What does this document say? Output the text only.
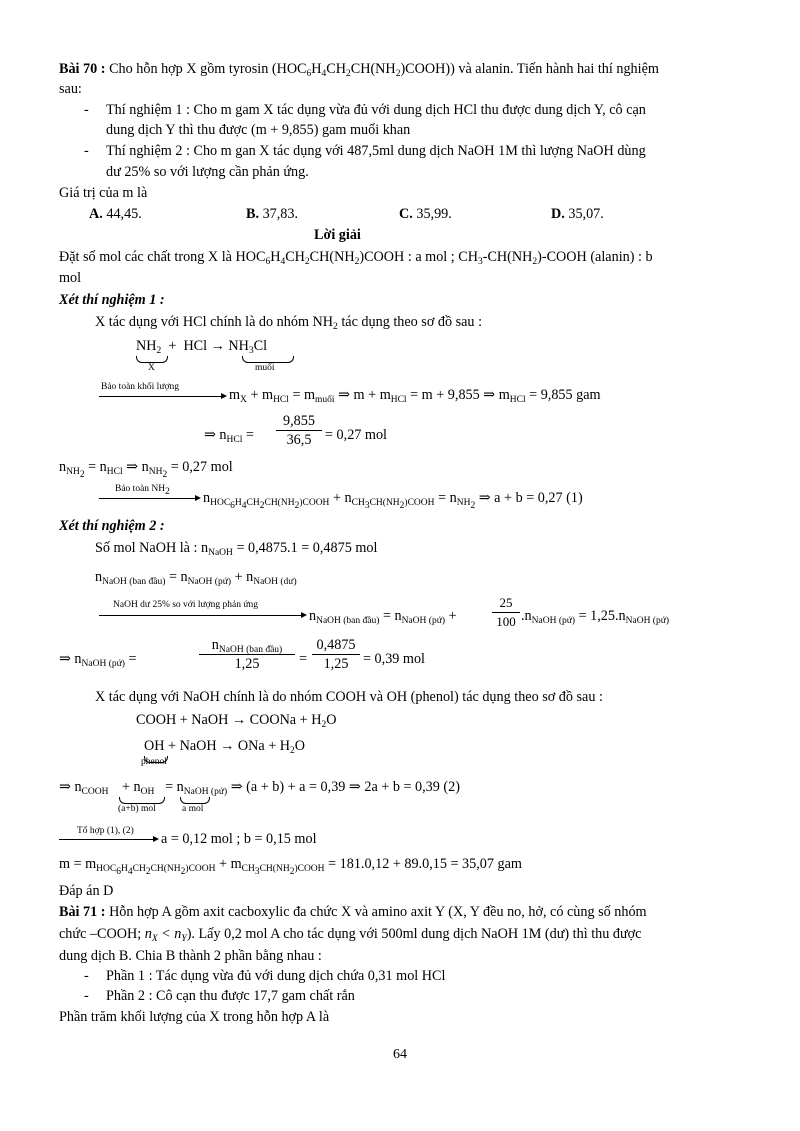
Bài 70 : Cho hỗn hợp X gồm tyrosin $(HOC_6H_4CH_2CH(NH_2)COOH)$) và alanin. Tiến hành hai thí nghiệm
sau:
- Thí nghiệm 1 : Cho m gam X tác dụng vừa đủ với dung dịch HCl thu được dung dịch Y, cô cạn
dung dịch Y thì thu được (m + 9,855) gam muối khan
- Thí nghiệm 2 : Cho m gan X tác dụng với 487,5ml dung dịch NaOH 1M thì lượng NaOH dùng
dư 25% so với lượng cần phản ứng.
Giá trị của m là
A. 44,45.	B. 37,83.	C. 35,99.	D. 35,07.
Lời giải
Đặt số mol các chất trong X là $HOC_6H_4CH_2CH(NH_2)COOH$ : a mol ; $CH_3-CH(NH_2)$-COOH (alanin) : b
mol
Xét thí nghiệm 1 :
X tác dụng với HCl chính là do nhóm $NH_2$ tác dụng theo sơ đồ sau :
$NH_2$  +  HCl → $NH_3Cl$
X	muối
Bảo toàn khối lượng	$m_X + m_{HCl} = m_{muối}$ ⇒ $m + m_{HCl} = m + 9,855$ ⇒ $m_{HCl} = 9,855$ gam
⇒ $n_{HCl} = \frac{9,855}{36,5} = 0,27$ mol
$n_{NH_2} = n_{HCl}$ ⇒ $n_{NH_2} = 0,27$ mol
Bảo toàn $NH_2$ $n_{HOC_6H_4CH_2CH(NH_2)COOH} + n_{CH_3CH(NH_2)COOH} = n_{NH_2}$ ⇒ a + b = 0,27 (1)
Xét thí nghiệm 2 :
Số mol NaOH là : $n_{NaOH} = 0,4875.1 = 0,4875$ mol
$n_{NaOH (ban đầu)} = n_{NaOH (pứ)} + n_{NaOH (dư)}$
NaOH dư 25% so với lượng phản ứng
$n_{NaOH (ban đầu)} = n_{NaOH (pứ)}$ +	$\frac{25}{100} .n_{NaOH (pứ)} = 1,25.n_{NaOH (pứ)}$
⇒ $n_{NaOH (pứ)}$ =
$n_{NaOH (ban đầu)}$
1,25	= $\frac{0,4875}{1,25} = 0,39$ mol
X tác dụng với NaOH chính là do nhóm COOH và OH (phenol) tác dụng theo sơ đồ sau :
COOH + NaOH → COONa + $H_2O$
OH + NaOH → ONa + $H_2O$
phenol
⇒ $n_{COOH} + n_{OH} = n_{NaOH (pứ)}$ ⇒ (a + b) + a = 0,39 ⇒ 2a + b = 0,39 (2)
(a+b) mol	a mol
Tổ hợp (1), (2) a = 0,12 mol ; b = 0,15 mol
$m = m_{HOC_6H_4CH_2CH(NH_2)COOH} + m_{CH_3CH(NH_2)COOH} = 181.0,12 + 89.0,15 = 35,07$ gam
Đáp án D
Bài 71 : Hỗn hợp A gồm axit cacboxylic đa chức X và amino axit Y (X, Y đều no, hở, có cùng số nhóm
chức –COOH; $n_X < n_Y$). Lấy 0,2 mol A cho tác dụng với 500ml dung dịch NaOH 1M (dư) thì thu được
dung dịch B. Chia B thành 2 phần bằng nhau :
- Phần 1 : Tác dụng vừa đủ với dung dịch chứa 0,31 mol HCl
- Phần 2 : Cô cạn thu được 17,7 gam chất rắn
Phần trăm khối lượng của X trong hỗn hợp A là
64
